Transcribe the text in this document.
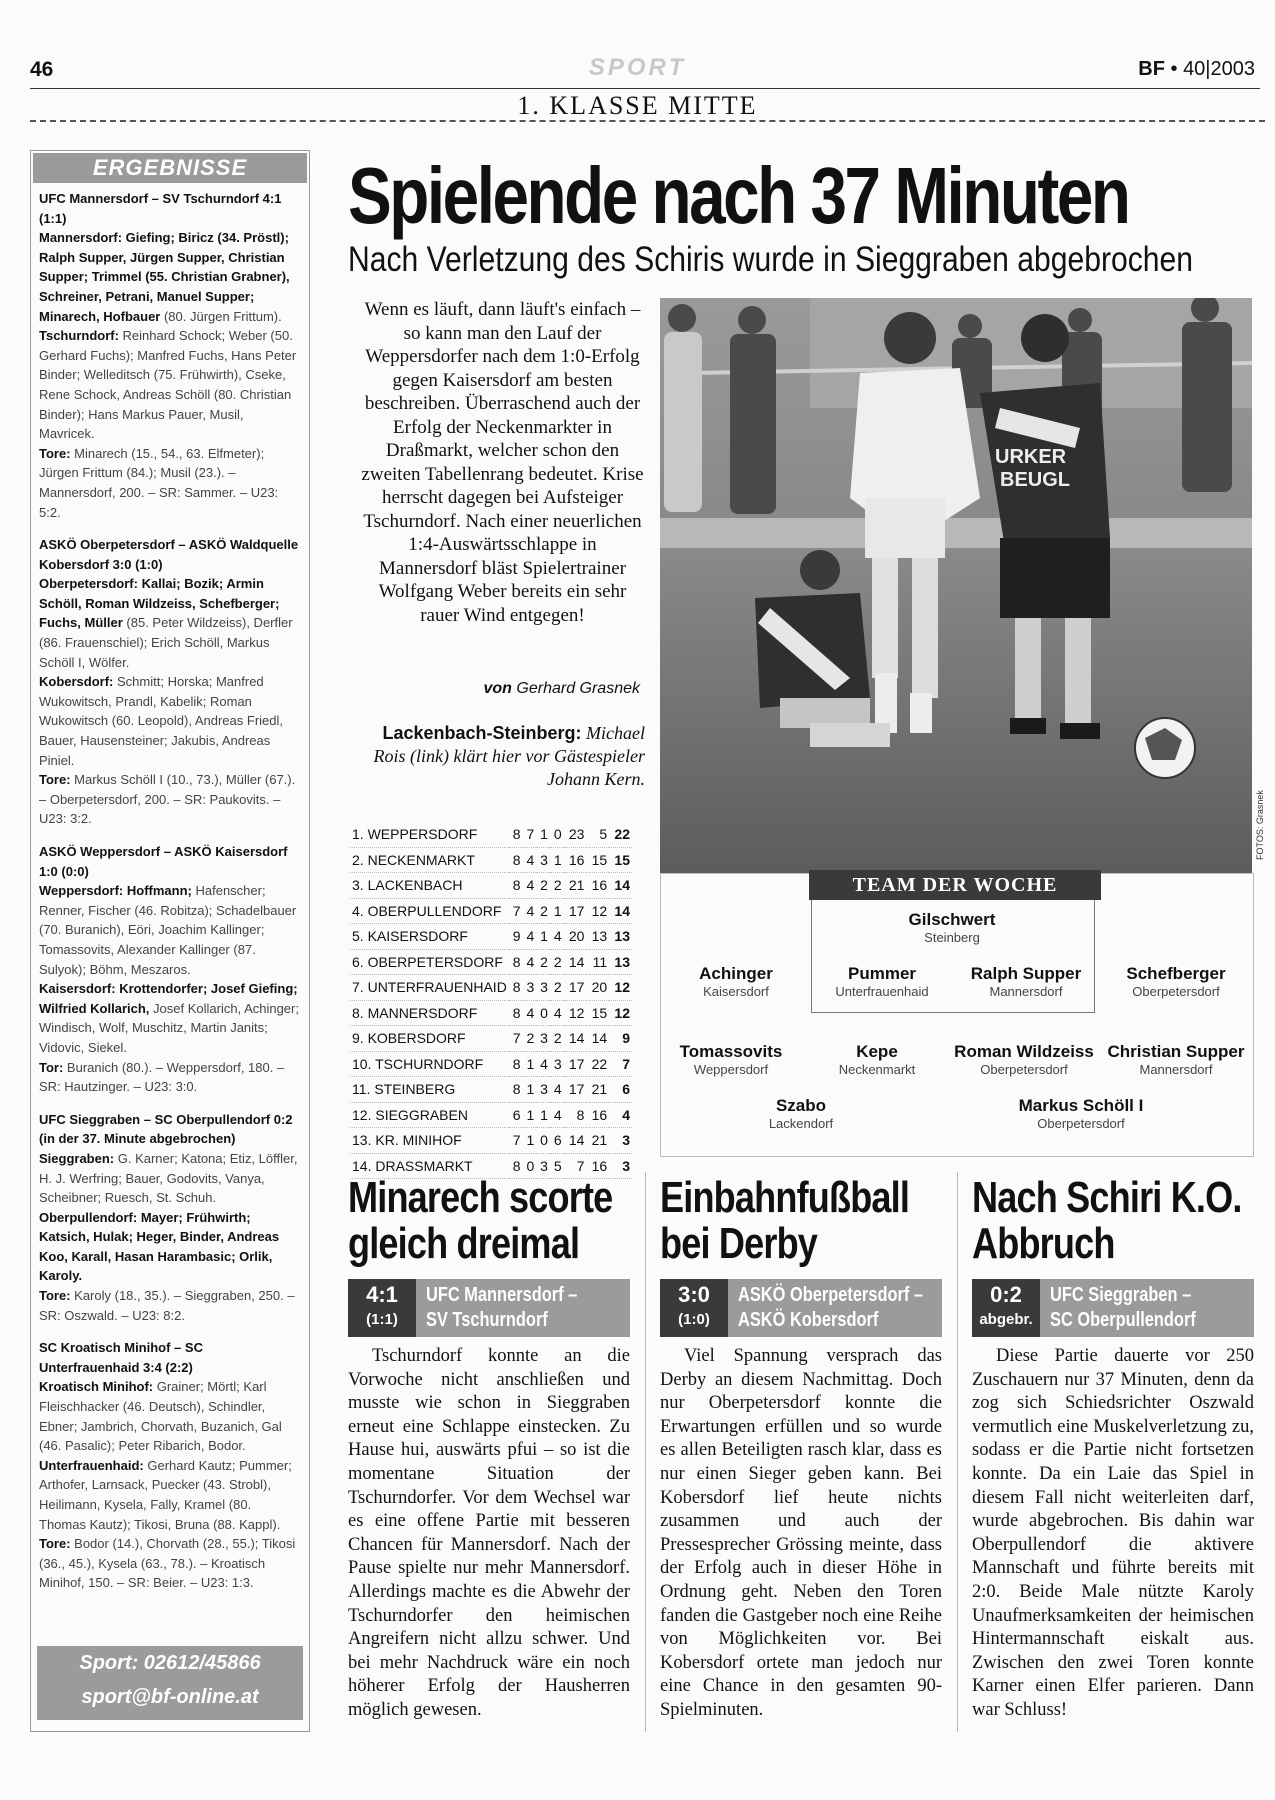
46	SPORT	BF • 40|2003
1. KLASSE MITTE
ERGEBNISSE
UFC Mannersdorf – SV Tschurndorf 4:1 (1:1)
Mannersdorf: Giefing; Biricz (34. Pröstl); Ralph Supper, Jürgen Supper, Christian Supper; Trimmel (55. Christian Grabner), Schreiner, Petrani, Manuel Supper; Minarech, Hofbauer (80. Jürgen Frittum).
Tschurndorf: Reinhard Schock; Weber (50. Gerhard Fuchs); Manfred Fuchs, Hans Peter Binder; Welleditsch (75. Frühwirth), Cseke, Rene Schock, Andreas Schöll (80. Christian Binder); Hans Markus Pauer, Musil, Mavricek.
Tore: Minarech (15., 54., 63. Elfmeter); Jürgen Frittum (84.); Musil (23.). – Mannersdorf, 200. – SR: Sammer. – U23: 5:2.
ASKÖ Oberpetersdorf – ASKÖ Waldquelle Kobersdorf 3:0 (1:0)
Oberpetersdorf: Kallai; Bozik; Armin Schöll, Roman Wildzeiss, Schefberger; Fuchs, Müller (85. Peter Wildzeiss), Derfler (86. Frauenschiel); Erich Schöll, Markus Schöll I, Wölfer.
Kobersdorf: Schmitt; Horska; Manfred Wukowitsch, Prandl, Kabelik; Roman Wukowitsch (60. Leopold), Andreas Friedl, Bauer, Hausensteiner; Jakubis, Andreas Piniel.
Tore: Markus Schöll I (10., 73.), Müller (67.). – Oberpetersdorf, 200. – SR: Paukovits. – U23: 3:2.
ASKÖ Weppersdorf – ASKÖ Kaisersdorf 1:0 (0:0)
Weppersdorf: Hoffmann; Hafenscher; Renner, Fischer (46. Robitza); Schadelbauer (70. Buranich), Eöri, Joachim Kallinger; Tomassovits, Alexander Kallinger (87. Sulyok); Böhm, Meszaros.
Kaisersdorf: Krottendorfer; Josef Giefing; Wilfried Kollarich, Josef Kollarich, Achinger; Windisch, Wolf, Muschitz, Martin Janits; Vidovic, Siekel.
Tor: Buranich (80.). – Weppersdorf, 180. – SR: Hautzinger. – U23: 3:0.
UFC Sieggraben – SC Oberpullendorf 0:2 (in der 37. Minute abgebrochen)
Sieggraben: G. Karner; Katona; Etiz, Löffler, H. J. Werfring; Bauer, Godovits, Vanya, Scheibner; Ruesch, St. Schuh.
Oberpullendorf: Mayer; Frühwirth; Katsich, Hulak; Heger, Binder, Andreas Koo, Karall, Hasan Harambasic; Orlik, Karoly.
Tore: Karoly (18., 35.). – Sieggraben, 250. – SR: Oszwald. – U23: 8:2.
SC Kroatisch Minihof – SC Unterfrauenhaid 3:4 (2:2)
Kroatisch Minihof: Grainer; Mörtl; Karl Fleischhacker (46. Deutsch), Schindler, Ebner; Jambrich, Chorvath, Buzanich, Gal (46. Pasalic); Peter Ribarich, Bodor.
Unterfrauenhaid: Gerhard Kautz; Pummer; Arthofer, Larnsack, Puecker (43. Strobl), Heilimann, Kysela, Fally, Kramel (80. Thomas Kautz); Tikosi, Bruna (88. Kappl).
Tore: Bodor (14.), Chorvath (28., 55.); Tikosi (36., 45.), Kysela (63., 78.). – Kroatisch Minihof, 150. – SR: Beier. – U23: 1:3.
Sport: 02612/45866
sport@bf-online.at
Spielende nach 37 Minuten
Nach Verletzung des Schiris wurde in Sieggraben abgebrochen
Wenn es läuft, dann läuft's einfach – so kann man den Lauf der Weppersdorfer nach dem 1:0-Erfolg gegen Kaisersdorf am besten beschreiben. Überraschend auch der Erfolg der Neckenmarkter in Draßmarkt, welcher schon den zweiten Tabellenrang bedeutet. Krise herrscht dagegen bei Aufsteiger Tschurndorf. Nach einer neuerlichen 1:4-Auswärtsschlappe in Mannersdorf bläst Spielertrainer Wolfgang Weber bereits ein sehr rauer Wind entgegen!
von Gerhard Grasnek
Lackenbach-Steinberg: Michael Rois (link) klärt hier vor Gästespieler Johann Kern.
URKER
BEUGL
FOTOS: Grasnek
1. WEPPERSDORF	8	7	1	0	23	5	22
2. NECKENMARKT	8	4	3	1	16	15	15
3. LACKENBACH	8	4	2	2	21	16	14
4. OBERPULLENDORF	7	4	2	1	17	12	14
5. KAISERSDORF	9	4	1	4	20	13	13
6. OBERPETERSDORF	8	4	2	2	14	11	13
7. UNTERFRAUENHAID	8	3	3	2	17	20	12
8. MANNERSDORF	8	4	0	4	12	15	12
9. KOBERSDORF	7	2	3	2	14	14	9
10. TSCHURNDORF	8	1	4	3	17	22	7
11. STEINBERG	8	1	3	4	17	21	6
12. SIEGGRABEN	6	1	1	4	8	16	4
13. KR. MINIHOF	7	1	0	6	14	21	3
14. DRASSMARKT	8	0	3	5	7	16	3
TEAM DER WOCHE
Gilschwert
Steinberg
Achinger
Kaisersdorf
Pummer
Unterfrauenhaid
Ralph Supper
Mannersdorf
Schefberger
Oberpetersdorf
Tomassovits
Weppersdorf
Kepe
Neckenmarkt
Roman Wildzeiss
Oberpetersdorf
Christian Supper
Mannersdorf
Szabo
Lackendorf
Markus Schöll I
Oberpetersdorf
Minarech scorte
gleich dreimal
4:1
(1:1)
UFC Mannersdorf –
SV Tschurndorf
Tschurndorf konnte an die Vorwoche nicht anschließen und musste wie schon in Sieggraben erneut eine Schlappe einstecken. Zu Hause hui, auswärts pfui – so ist die momentane Situation der Tschurndorfer. Vor dem Wechsel war es eine offene Partie mit besseren Chancen für Mannersdorf. Nach der Pause spielte nur mehr Mannersdorf. Allerdings machte es die Abwehr der Tschurndorfer den heimischen Angreifern nicht allzu schwer. Und bei mehr Nachdruck wäre ein noch höherer Erfolg der Hausherren möglich gewesen.
Einbahnfußball
bei Derby
3:0
(1:0)
ASKÖ Oberpetersdorf –
ASKÖ Kobersdorf
Viel Spannung versprach das Derby an diesem Nachmittag. Doch nur Oberpetersdorf konnte die Erwartungen erfüllen und so wurde es allen Beteiligten rasch klar, dass es nur einen Sieger geben kann. Bei Kobersdorf lief heute nichts zusammen und auch der Pressesprecher Grössing meinte, dass der Erfolg auch in dieser Höhe in Ordnung geht. Neben den Toren fanden die Gastgeber noch eine Reihe von Möglichkeiten vor. Bei Kobersdorf ortete man jedoch nur eine Chance in den gesamten 90-Spielminuten.
Nach Schiri K.O.
Abbruch
0:2
abgebr.
UFC Sieggraben –
SC Oberpullendorf
Diese Partie dauerte vor 250 Zuschauern nur 37 Minuten, denn da zog sich Schiedsrichter Oszwald vermutlich eine Muskelverletzung zu, sodass er die Partie nicht fortsetzen konnte. Da ein Laie das Spiel in diesem Fall nicht weiterleiten darf, wurde abgebrochen. Bis dahin war Oberpullendorf die aktivere Mannschaft und führte bereits mit 2:0. Beide Male nützte Karoly Unaufmerksamkeiten der heimischen Hintermannschaft eiskalt aus. Zwischen den zwei Toren konnte Karner einen Elfer parieren. Dann war Schluss!
